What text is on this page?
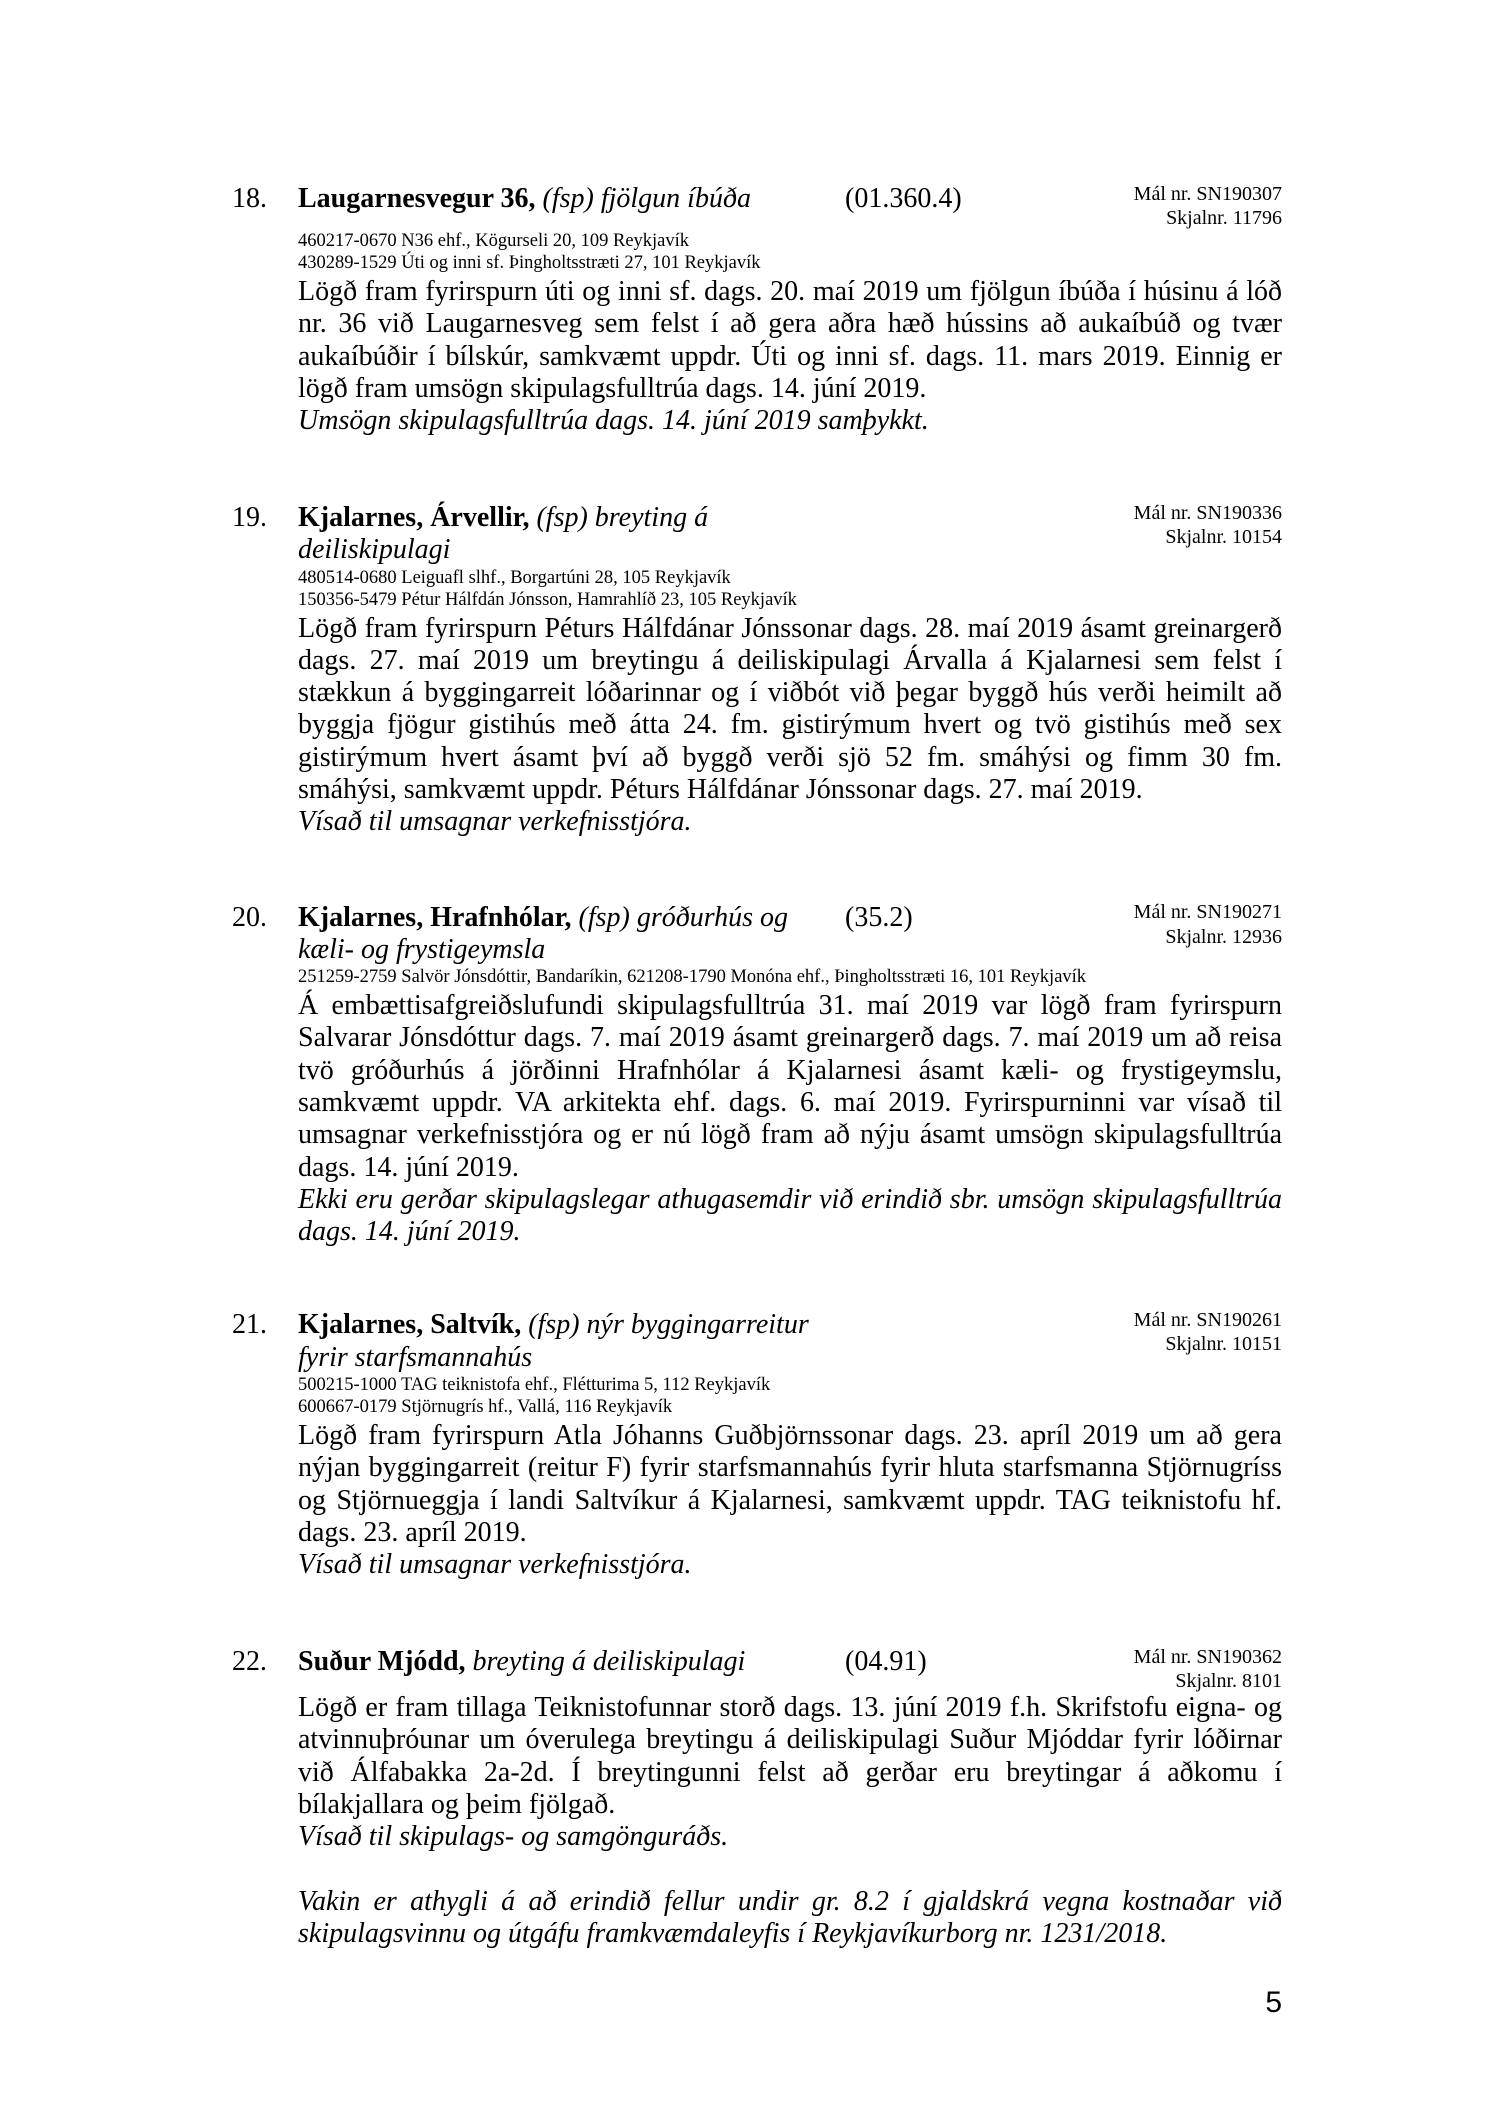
18. Laugarnesvegur 36, (fsp) fjölgun íbúða	(01.360.4)	Mál nr. SN190307
Skjalnr. 11796
460217-0670 N36 ehf., Kögurseli 20, 109 Reykjavík
430289-1529 Úti og inni sf. Þingholtsstræti 27, 101 Reykjavík
Lögð fram fyrirspurn úti og inni sf. dags. 20. maí 2019 um fjölgun íbúða í húsinu á lóð
nr. 36 við Laugarnesveg sem felst í að gera aðra hæð hússins að aukaíbúð og tvær
aukaíbúðir í bílskúr, samkvæmt uppdr. Úti og inni sf. dags. 11. mars 2019. Einnig er
lögð fram umsögn skipulagsfulltrúa dags. 14. júní 2019.
Umsögn skipulagsfulltrúa dags. 14. júní 2019 samþykkt.
19. Kjalarnes, Árvellir, (fsp) breyting á
deiliskipulagi
Mál nr. SN190336
Skjalnr. 10154
480514-0680 Leiguafl slhf., Borgartúni 28, 105 Reykjavík
150356-5479 Pétur Hálfdán Jónsson, Hamrahlíð 23, 105 Reykjavík
Lögð fram fyrirspurn Péturs Hálfdánar Jónssonar dags. 28. maí 2019 ásamt greinargerð
dags. 27. maí 2019 um breytingu á deiliskipulagi Árvalla á Kjalarnesi sem felst í
stækkun á byggingarreit lóðarinnar og í viðbót við þegar byggð hús verði heimilt að
byggja fjögur gistihús með átta 24. fm. gistirýmum hvert og tvö gistihús með sex
gistirýmum hvert ásamt því að byggð verði sjö 52 fm. smáhýsi og fimm 30 fm.
smáhýsi, samkvæmt uppdr. Péturs Hálfdánar Jónssonar dags. 27. maí 2019.
Vísað til umsagnar verkefnisstjóra.
20. Kjalarnes, Hrafnhólar, (fsp) gróðurhús og
kæli- og frystigeymsla
(35.2)	Mál nr. SN190271
Skjalnr. 12936
251259-2759 Salvör Jónsdóttir, Bandaríkin, 621208-1790 Monóna ehf., Þingholtsstræti 16, 101 Reykjavík
Á embættisafgreiðslufundi skipulagsfulltrúa 31. maí 2019 var lögð fram fyrirspurn
Salvarar Jónsdóttur dags. 7. maí 2019 ásamt greinargerð dags. 7. maí 2019 um að reisa
tvö gróðurhús á jörðinni Hrafnhólar á Kjalarnesi ásamt kæli- og frystigeymslu,
samkvæmt uppdr. VA arkitekta ehf. dags. 6. maí 2019. Fyrirspurninni var vísað til
umsagnar verkefnisstjóra og er nú lögð fram að nýju ásamt umsögn skipulagsfulltrúa
dags. 14. júní 2019.
Ekki eru gerðar skipulagslegar athugasemdir við erindið sbr. umsögn skipulagsfulltrúa
dags. 14. júní 2019.
21. Kjalarnes, Saltvík, (fsp) nýr byggingarreitur
fyrir starfsmannahús
Mál nr. SN190261
Skjalnr. 10151
500215-1000 TAG teiknistofa ehf., Flétturima 5, 112 Reykjavík
600667-0179 Stjörnugrís hf., Vallá, 116 Reykjavík
Lögð fram fyrirspurn Atla Jóhanns Guðbjörnssonar dags. 23. apríl 2019 um að gera
nýjan byggingarreit (reitur F) fyrir starfsmannahús fyrir hluta starfsmanna Stjörnugríss
og Stjörnueggja í landi Saltvíkur á Kjalarnesi, samkvæmt uppdr. TAG teiknistofu hf.
dags. 23. apríl 2019.
Vísað til umsagnar verkefnisstjóra.
22. Suður Mjódd, breyting á deiliskipulagi	(04.91)	Mál nr. SN190362
Skjalnr. 8101
Lögð er fram tillaga Teiknistofunnar storð dags. 13. júní 2019 f.h. Skrifstofu eigna- og
atvinnuþróunar um óverulega breytingu á deiliskipulagi Suður Mjóddar fyrir lóðirnar
við Álfabakka 2a-2d. Í breytingunni felst að gerðar eru breytingar á aðkomu í
bílakjallara og þeim fjölgað.
Vísað til skipulags- og samgönguráðs.
Vakin er athygli á að erindið fellur undir gr. 8.2 í gjaldskrá vegna kostnaðar við
skipulagsvinnu og útgáfu framkvæmdaleyfis í Reykjavíkurborg nr. 1231/2018.
5
